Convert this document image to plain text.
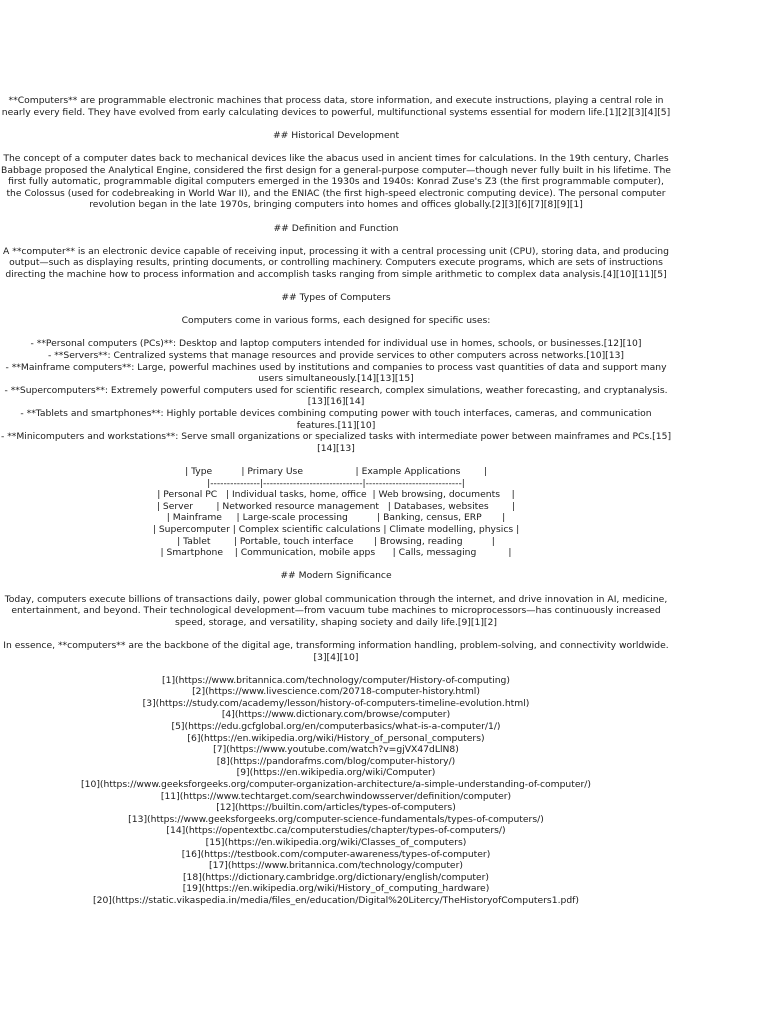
**Computers** are programmable electronic machines that process data, store information, and execute instructions, playing a central role in nearly every field. They have evolved from early calculating devices to powerful, multifunctional systems essential for modern life.[1][2][3][4][5]

## Historical Development

The concept of a computer dates back to mechanical devices like the abacus used in ancient times for calculations. In the 19th century, Charles Babbage proposed the Analytical Engine, considered the first design for a general-purpose computer—though never fully built in his lifetime. The first fully automatic, programmable digital computers emerged in the 1930s and 1940s: Konrad Zuse's Z3 (the first programmable computer), the Colossus (used for codebreaking in World War II), and the ENIAC (the first high-speed electronic computing device). The personal computer revolution began in the late 1970s, bringing computers into homes and offices globally.[2][3][6][7][8][9][1]

## Definition and Function

A **computer** is an electronic device capable of receiving input, processing it with a central processing unit (CPU), storing data, and producing output—such as displaying results, printing documents, or controlling machinery. Computers execute programs, which are sets of instructions directing the machine how to process information and accomplish tasks ranging from simple arithmetic to complex data analysis.[4][10][11][5]

## Types of Computers

Computers come in various forms, each designed for specific uses:

- **Personal computers (PCs)**: Desktop and laptop computers intended for individual use in homes, schools, or businesses.[12][10]

- **Servers**: Centralized systems that manage resources and provide services to other computers across networks.[10][13]

- **Mainframe computers**: Large, powerful machines used by institutions and companies to process vast quantities of data and support many users simultaneously.[14][13][15]

- **Supercomputers**: Extremely powerful computers used for scientific research, complex simulations, weather forecasting, and cryptanalysis.[13][16][14]

- **Tablets and smartphones**: Highly portable devices combining computing power with touch interfaces, cameras, and communication features.[11][10]

- **Minicomputers and workstations**: Serve small organizations or specialized tasks with intermediate power between mainframes and PCs.[15][14][13]

| Type          | Primary Use                  | Example Applications        |

|---------------|------------------------------|-----------------------------|

| Personal PC   | Individual tasks, home, office  | Web browsing, documents    |

| Server        | Networked resource management   | Databases, websites        |

| Mainframe     | Large-scale processing          | Banking, census, ERP       |

| Supercomputer | Complex scientific calculations | Climate modelling, physics |

| Tablet        | Portable, touch interface       | Browsing, reading          |

| Smartphone    | Communication, mobile apps      | Calls, messaging           |

## Modern Significance

Today, computers execute billions of transactions daily, power global communication through the internet, and drive innovation in AI, medicine, entertainment, and beyond. Their technological development—from vacuum tube machines to microprocessors—has continuously increased speed, storage, and versatility, shaping society and daily life.[9][1][2]

In essence, **computers** are the backbone of the digital age, transforming information handling, problem-solving, and connectivity worldwide.[3][4][10]

[1](https://www.britannica.com/technology/computer/History-of-computing)

[2](https://www.livescience.com/20718-computer-history.html)

[3](https://study.com/academy/lesson/history-of-computers-timeline-evolution.html)

[4](https://www.dictionary.com/browse/computer)

[5](https://edu.gcfglobal.org/en/computerbasics/what-is-a-computer/1/)

[6](https://en.wikipedia.org/wiki/History_of_personal_computers)

[7](https://www.youtube.com/watch?v=gjVX47dLlN8)

[8](https://pandorafms.com/blog/computer-history/)

[9](https://en.wikipedia.org/wiki/Computer)

[10](https://www.geeksforgeeks.org/computer-organization-architecture/a-simple-understanding-of-computer/)

[11](https://www.techtarget.com/searchwindowsserver/definition/computer)

[12](https://builtin.com/articles/types-of-computers)

[13](https://www.geeksforgeeks.org/computer-science-fundamentals/types-of-computers/)

[14](https://opentextbc.ca/computerstudies/chapter/types-of-computers/)

[15](https://en.wikipedia.org/wiki/Classes_of_computers)

[16](https://testbook.com/computer-awareness/types-of-computer)

[17](https://www.britannica.com/technology/computer)

[18](https://dictionary.cambridge.org/dictionary/english/computer)

[19](https://en.wikipedia.org/wiki/History_of_computing_hardware)

[20](https://static.vikaspedia.in/media/files_en/education/Digital%20Litercy/TheHistoryofComputers1.pdf)
